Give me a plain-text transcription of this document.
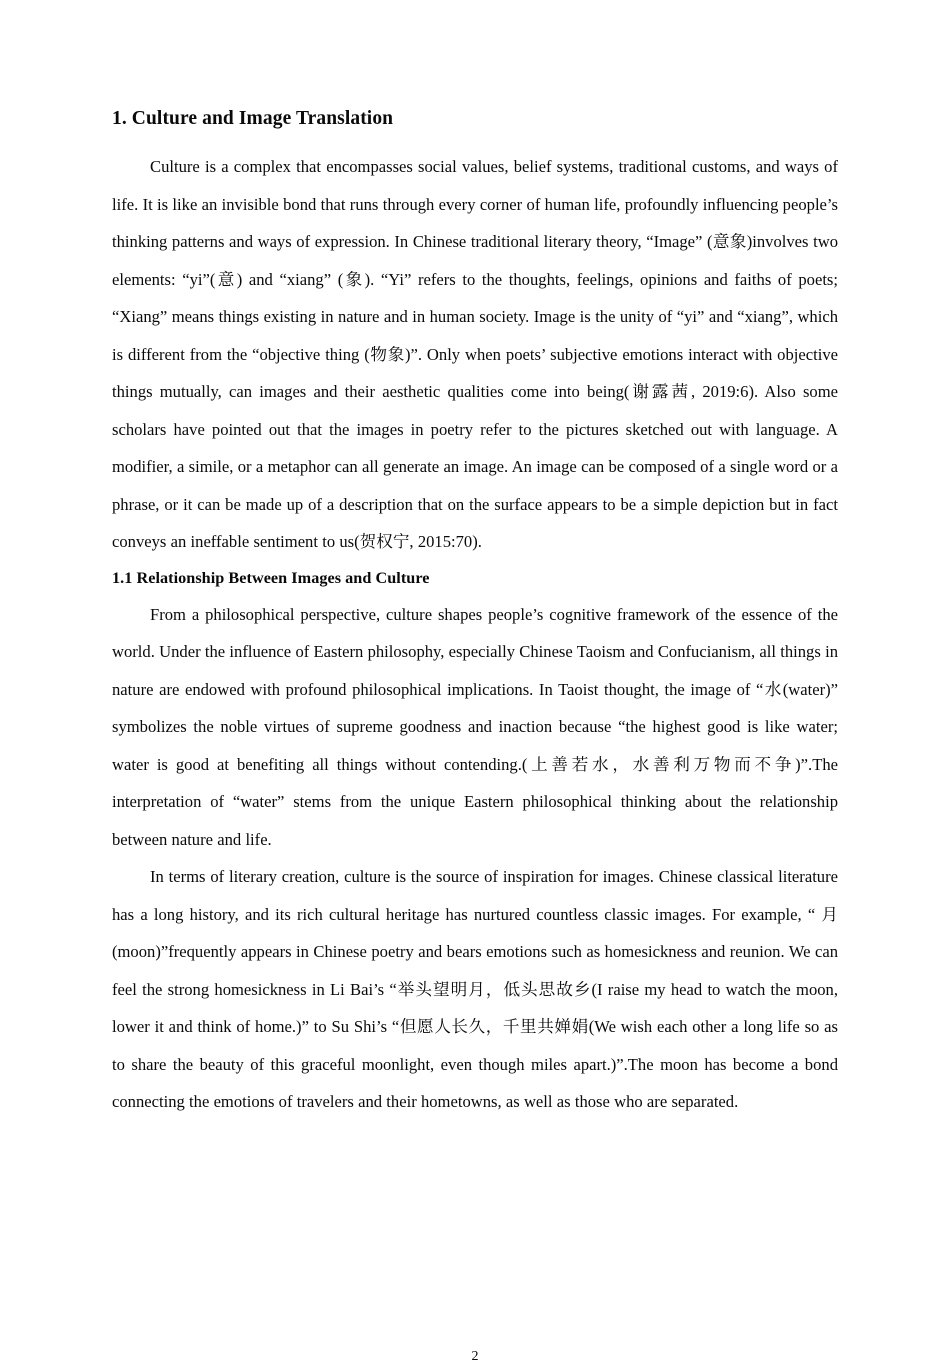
1. Culture and Image Translation

Culture is a complex that encompasses social values, belief systems, traditional customs, and ways of life. It is like an invisible bond that runs through every corner of human life, profoundly influencing people’s thinking patterns and ways of expression. In Chinese traditional literary theory, “Image” (意象)involves two elements: “yi”(意) and “xiang” (象). “Yi” refers to the thoughts, feelings, opinions and faiths of poets; “Xiang” means things existing in nature and in human society. Image is the unity of “yi” and “xiang”, which is different from the “objective thing (物象)”. Only when poets’ subjective emotions interact with objective things mutually, can images and their aesthetic qualities come into being(谢露茜, 2019:6). Also some scholars have pointed out that the images in poetry refer to the pictures sketched out with language. A modifier, a simile, or a metaphor can all generate an image. An image can be composed of a single word or a phrase, or it can be made up of a description that on the surface appears to be a simple depiction but in fact conveys an ineffable sentiment to us(贺权宁, 2015:70).

1.1 Relationship Between Images and Culture

From a philosophical perspective, culture shapes people’s cognitive framework of the essence of the world. Under the influence of Eastern philosophy, especially Chinese Taoism and Confucianism, all things in nature are endowed with profound philosophical implications. In Taoist thought, the image of “水(water)” symbolizes the noble virtues of supreme goodness and inaction because “the highest good is like water; water is good at benefiting all things without contending.(上善若水，水善利万物而不争)”.The interpretation of “water” stems from the unique Eastern philosophical thinking about the relationship between nature and life.

In terms of literary creation, culture is the source of inspiration for images. Chinese classical literature has a long history, and its rich cultural heritage has nurtured countless classic images. For example, “ 月 (moon)”frequently appears in Chinese poetry and bears emotions such as homesickness and reunion. We can feel the strong homesickness in Li Bai’s “举头望明月，低头思故乡(I raise my head to watch the moon, lower it and think of home.)” to Su Shi’s “但愿人长久，千里共婵娟(We wish each other a long life so as to share the beauty of this graceful moonlight, even though miles apart.)”.The moon has become a bond connecting the emotions of travelers and their hometowns, as well as those who are separated.

2
